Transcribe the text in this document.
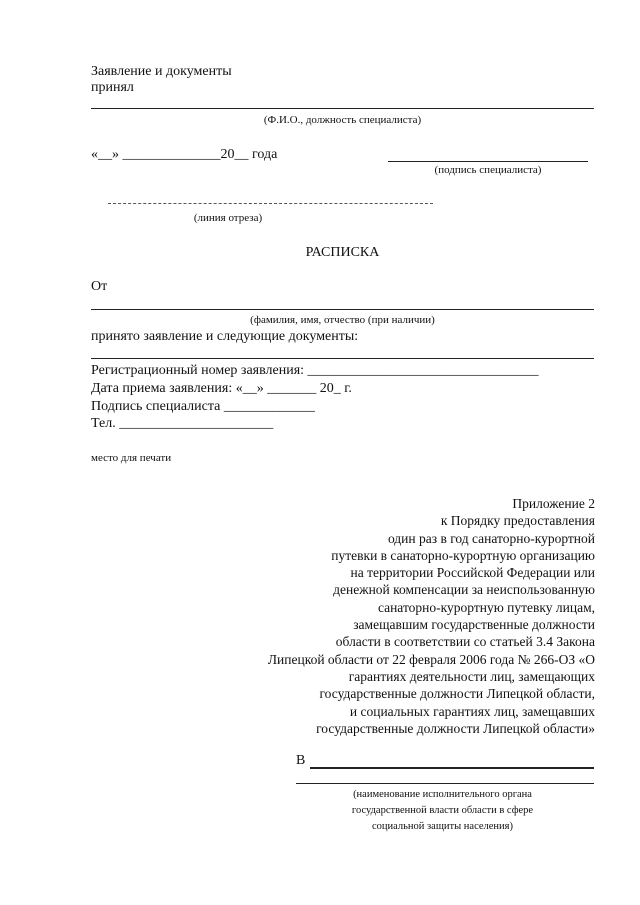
Заявление и документы
принял
(Ф.И.О., должность специалиста)
«__» ______________20__ года
(подпись специалиста)
(линия отреза)
РАСПИСКА
От
(фамилия, имя, отчество (при наличии)
принято заявление и следующие документы:
Регистрационный номер заявления: _________________________________
Дата приема заявления: «__» _______ 20_ г.
Подпись специалиста _____________
Тел. ______________________
место для печати
Приложение 2
к Порядку предоставления
один раз в год санаторно-курортной
путевки в санаторно-курортную организацию
на территории Российской Федерации или
денежной компенсации за неиспользованную
санаторно-курортную путевку лицам,
замещавшим государственные должности
области в соответствии со статьей 3.4 Закона
Липецкой области от 22 февраля 2006 года № 266-ОЗ «О
гарантиях деятельности лиц, замещающих
государственные должности Липецкой области,
и социальных гарантиях лиц, замещавших
государственные должности Липецкой области»
В
(наименование исполнительного органа
государственной власти области в сфере
социальной защиты населения)
